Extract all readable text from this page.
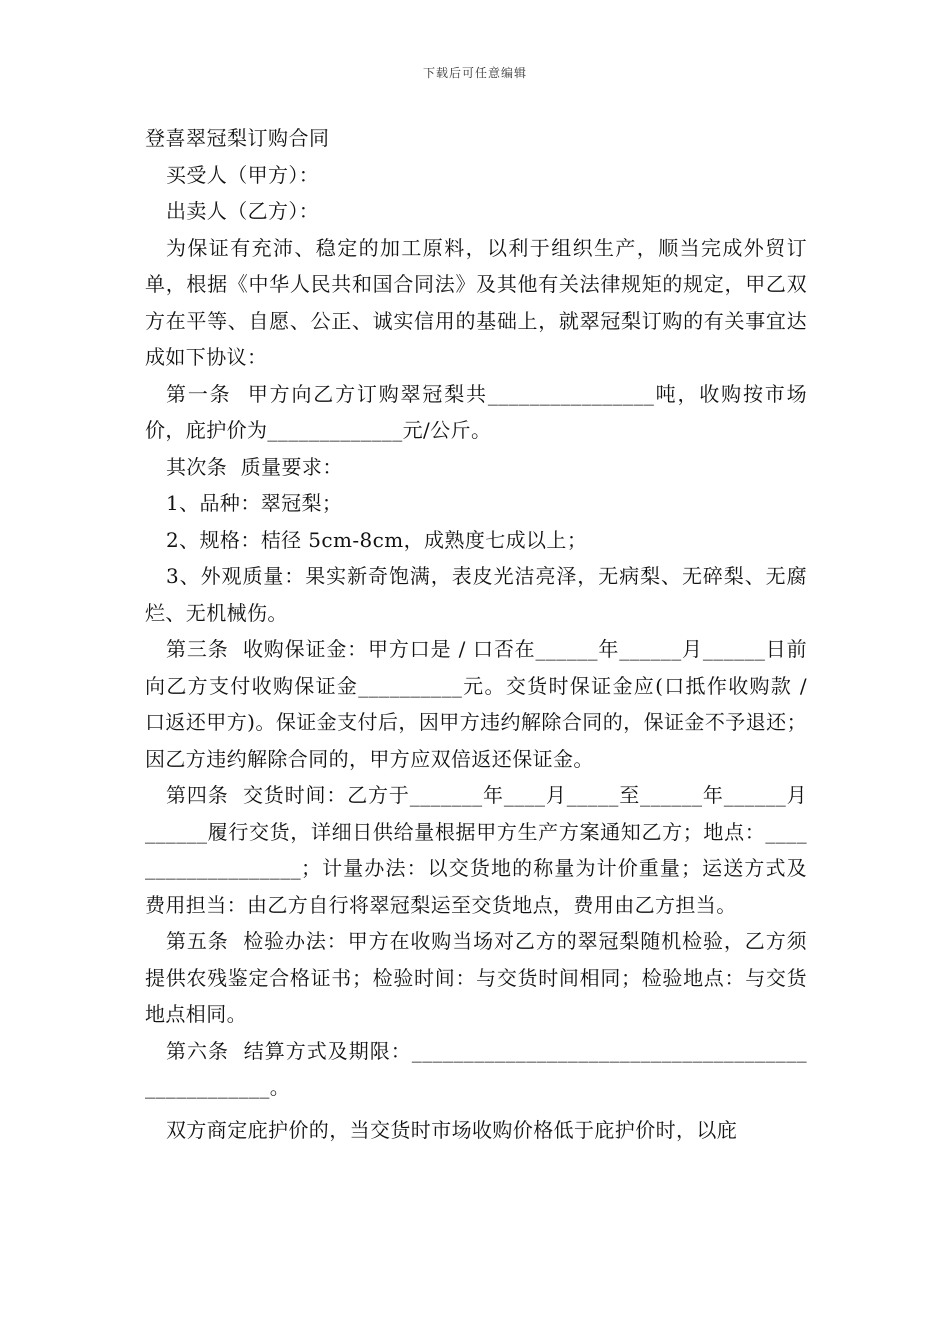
下载后可任意编辑

登喜翠冠梨订购合同

买受人（甲方）：

出卖人（乙方）：

为保证有充沛、稳定的加工原料，以利于组织生产，顺当完成外贸订单，根据《中华人民共和国合同法》及其他有关法律规矩的规定，甲乙双方在平等、自愿、公正、诚实信用的基础上，就翠冠梨订购的有关事宜达成如下协议：

第一条  甲方向乙方订购翠冠梨共________________吨，收购按市场价，庇护价为_____________元/公斤。

其次条  质量要求：

1、品种：翠冠梨；

2、规格：桔径 5cm-8cm，成熟度七成以上；

3、外观质量：果实新奇饱满，表皮光洁亮泽，无病梨、无碎梨、无腐烂、无机械伤。

第三条  收购保证金：甲方口是 / 口否在______年______月______日前向乙方支付收购保证金__________元。交货时保证金应(口抵作收购款 / 口返还甲方)。保证金支付后，因甲方违约解除合同的，保证金不予退还；因乙方违约解除合同的，甲方应双倍返还保证金。

第四条  交货时间：乙方于_______年____月_____至______年______月______履行交货，详细日供给量根据甲方生产方案通知乙方；地点：___________________；计量办法：以交货地的称量为计价重量；运送方式及费用担当：由乙方自行将翠冠梨运至交货地点，费用由乙方担当。

第五条  检验办法：甲方在收购当场对乙方的翠冠梨随机检验，乙方须提供农残鉴定合格证书；检验时间：与交货时间相同；检验地点：与交货地点相同。

第六条  结算方式及期限：__________________________________________________。

双方商定庇护价的，当交货时市场收购价格低于庇护价时，以庇
